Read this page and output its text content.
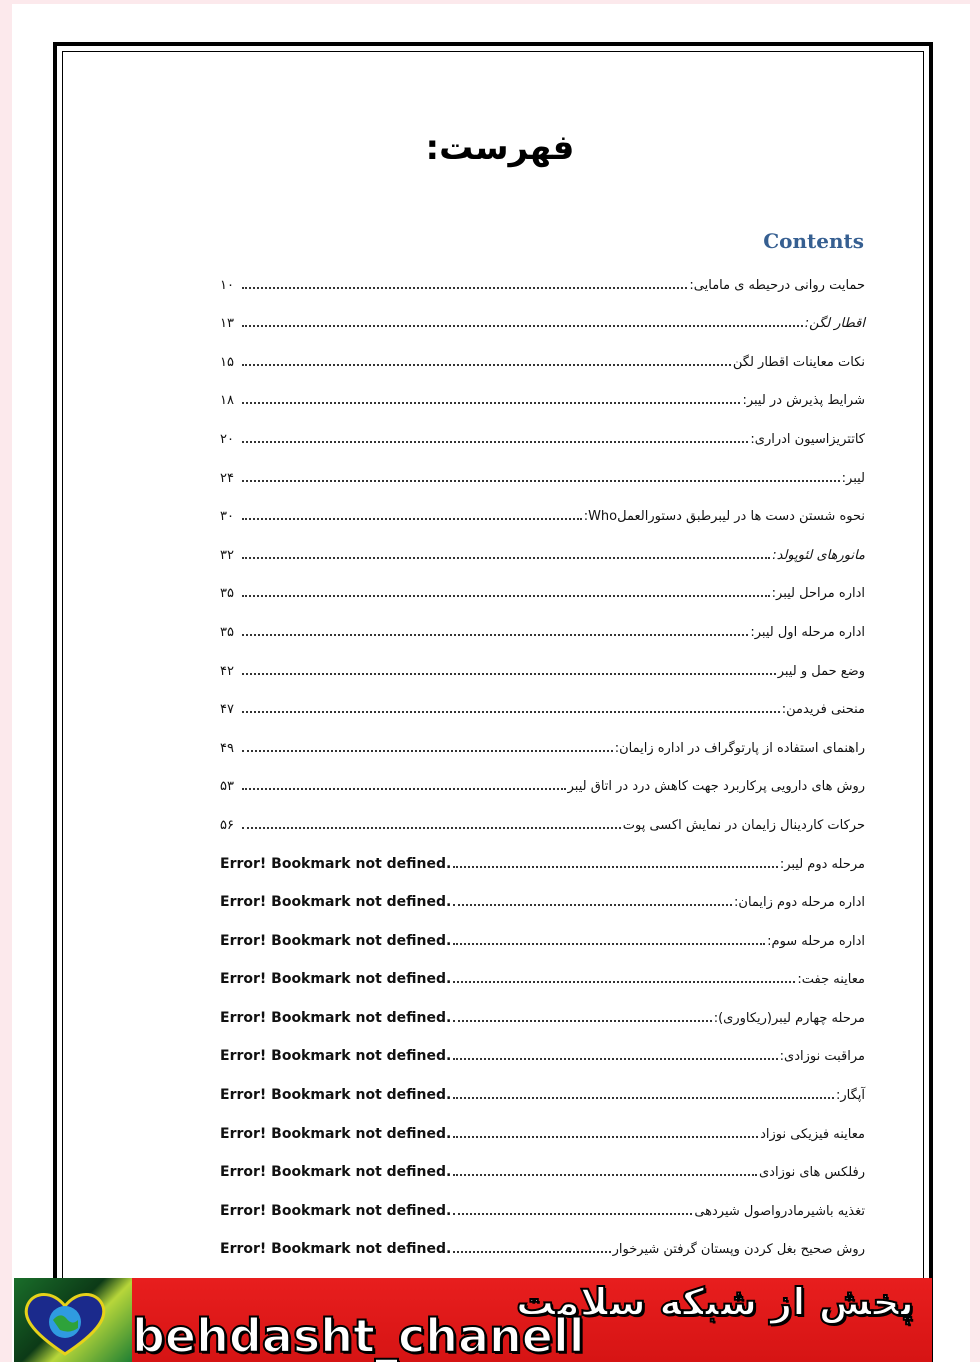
فهرست:
Contents
حمایت روانی درحیطه ی مامایی:
۱۰
اقطار لگن:
۱۳
نکات معاینات اقطار لگن
۱۵
شرایط پذیرش در لیبر:
۱۸
کاتتریزاسیون ادراری:
۲۰
لیبر:
۲۴
نحوه شستن دست ها در لیبرطبق دستورالعملWho:
۳۰
مانورهای لئوپولد:
۳۲
اداره مراحل لیبر:
۳۵
اداره مرحله اول لیبر:
۳۵
وضع حمل و لیبر
۴۲
منحنی فریدمن:
۴۷
راهنمای استفاده از پارتوگراف در اداره زایمان:
۴۹
روش های دارویی پرکاربرد جهت کاهش درد در اتاق لیبر
۵۳
حرکات کاردینال زایمان در نمایش اکسی پوت
۵۶
مرحله دوم لیبر:
Error! Bookmark not defined.
اداره مرحله دوم زایمان:
Error! Bookmark not defined.
اداره مرحله سوم:
Error! Bookmark not defined.
معاینه جفت:
Error! Bookmark not defined.
مرحله چهارم لیبر(ریکاوری):
Error! Bookmark not defined.
مراقبت نوزادی:
Error! Bookmark not defined.
آپگار:
Error! Bookmark not defined.
معاینه فیزیکی نوزاد
Error! Bookmark not defined.
رفلکس های نوزادی
Error! Bookmark not defined.
تغذیه باشیرمادرواصول شیردهی
Error! Bookmark not defined.
روش صحیح بغل کردن وپستان گرفتن شیرخوار
Error! Bookmark not defined.
پخش از شبکه سلامت
behdasht_chanell
